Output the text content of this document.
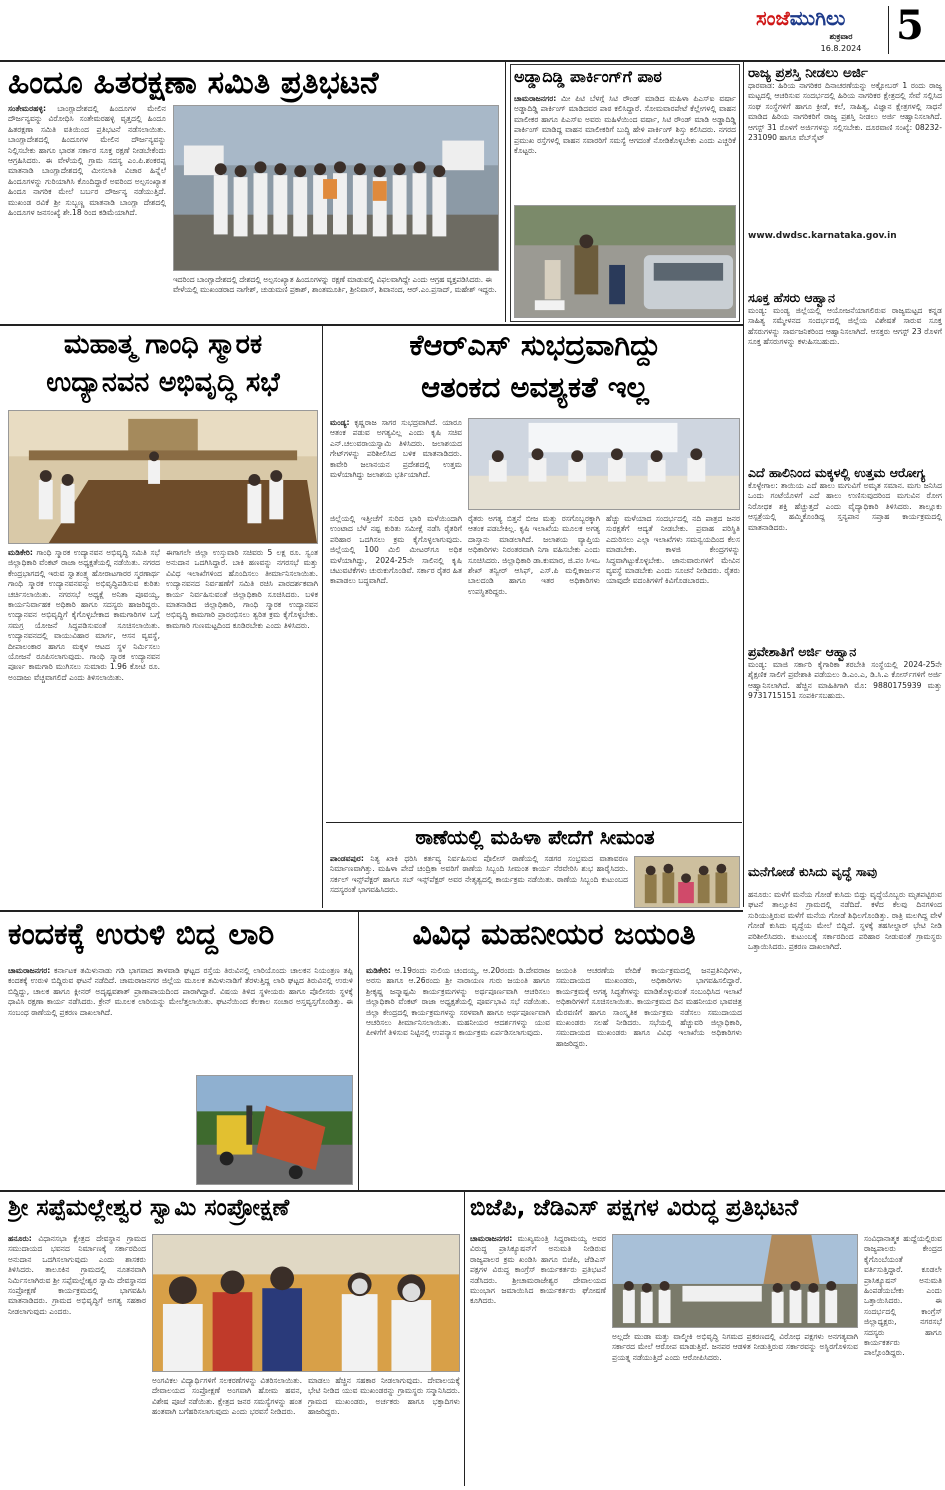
ಸಂಜೆಮುಗಿಲು
ಶುಕ್ರವಾರ
16.8.2024 5
ಹಿಂದೂ ಹಿತರಕ್ಷಣಾ ಸಮಿತಿ ಪ್ರತಿಭಟನೆ
ಸಂತೇಮರಹಳ್ಳಿ: ಬಾಂಗ್ಲಾದೇಶದಲ್ಲಿ ಹಿಂದೂಗಳ ಮೇಲಿನ ದೌರ್ಜನ್ಯವನ್ನು ವಿರೋಧಿಸಿ ಸಂತೇಮರಹಳ್ಳಿ ವೃತ್ತದಲ್ಲಿ ಹಿಂದೂ ಹಿತರಕ್ಷಣಾ ಸಮಿತಿ ವತಿಯಿಂದ ಪ್ರತಿಭಟನೆ ನಡೆಸಲಾಯಿತು. ಬಾಂಗ್ಲಾದೇಶದಲ್ಲಿ ಹಿಂದೂಗಳ ಮೇಲಿನ ದೌರ್ಜನ್ಯವನ್ನು ನಿಲ್ಲಿಸಬೇಕು ಹಾಗೂ ಭಾರತ ಸರ್ಕಾರ ಸೂಕ್ತ ರಕ್ಷಣೆ ನೀಡಬೇಕೆಂದು ಆಗ್ರಹಿಸಿದರು. ಈ ವೇಳೆಯಲ್ಲಿ ಗ್ರಾಮ ಸದಸ್ಯ ಎಂ.ಪಿ.ಶಂಕರಪ್ಪ ಮಾತನಾಡಿ ಬಾಂಗ್ಲಾದೇಶದಲ್ಲಿ ಮೀಸಲಾತಿ ವಿಚಾರ ಹಿನ್ನೆಲೆ ಹಿಂದೂಗಳನ್ನು ಗುರಿಯಾಗಿಸಿ ಕೊಂದಿದ್ದಾರೆ ಅವರಿಂದ ಅಲ್ಪಸಂಖ್ಯಾತ ಹಿಂದೂ ನಾಗರಿಕ ಮೇಲೆ ಬರ್ಬರ ದೌರ್ಜನ್ಯ ನಡೆಯುತ್ತಿದೆ. ಮುಖಂಡ ರವಿಕೆ ಶ್ರೀ ಸುಬ್ಬಣ್ಣ ಮಾತನಾಡಿ ಬಾಂಗ್ಲಾ ದೇಶದಲ್ಲಿ ಹಿಂದೂಗಳ ಜನಸಂಖ್ಯೆ ಶೇ.18 ರಿಂದ ಕಡಿಮೆಯಾಗಿದೆ.
ಇದರಿಂದ ಬಾಂಗ್ಲಾದೇಶದಲ್ಲಿ ದೇಶದಲ್ಲಿ ಅಲ್ಪಸಂಖ್ಯಾತ ಹಿಂದೂಗಳನ್ನು ರಕ್ಷಣೆ ಮಾಡುವಲ್ಲಿ ವಿಫಲವಾಗಿದ್ದೇ ಎಂದು ಆಗ್ರಹ ವ್ಯಕ್ತಪಡಿಸಿದರು. ಈ ವೇಳೆಯಲ್ಲಿ ಮುಖಂಡರಾದ ನಾಗೇಶ್, ಚುಡುಮಣಿ ಪ್ರಕಾಶ್, ಶಾಂತಮೂರ್ತಿ, ಶ್ರೀನಿವಾಸ್, ಶಿವಾನಂದ, ಆರ್.ಎಂ.ಪ್ರಸಾದ್, ಮಹೇಶ್ ಇದ್ದರು.
ಅಡ್ಡಾದಿಡ್ಡಿ ಪಾರ್ಕಿಂಗ್‌ಗೆ ಪಾಠ
ಚಾಮರಾಜನಗರ: ಮೀ ಪಿಟಿ ಬೆಳಗ್ಗೆ ಸಿಟಿ ರೌಂಡ್ ಮಾಡಿದ ಮಹಿಳಾ ಪಿಎಸ್‌ಐ ವರ್ಷಾ ಅಡ್ಡಾದಿಡ್ಡಿ ಪಾರ್ಕಿಂಗ್ ಮಾಡಿದವರ ಪಾಠ ಕಲಿಸಿದ್ದಾರೆ. ಸೋಮವಾರಪೇಟೆ ಕೆಲ್ಲೇಗಳಲ್ಲಿ ವಾಹನ ಮಾಲೀಕರ ಹಾಗೂ ಪಿಎಸ್‌ಐ ಅವರು ಮಹಿಳೆಯಿಂದ ವರ್ಷಾ, ಸಿಟಿ ರೌಂಡ್ ಮಾಡಿ ಅಡ್ಡಾದಿಡ್ಡಿ ಪಾರ್ಕಿಂಗ್ ಮಾಡಿದ್ದ ವಾಹನ ಮಾಲೀಕರಿಗೆ ಬುದ್ಧಿ ಹೇಳಿ ಪಾರ್ಕಿಂಗ್ ಶಿಸ್ತು ಕಲಿಸಿದರು. ನಗರದ ಪ್ರಮುಖ ರಸ್ತೆಗಳಲ್ಲಿ ವಾಹನ ಸವಾರರಿಗೆ ಸಮಸ್ಯೆ ಆಗದಂತೆ ನೋಡಿಕೊಳ್ಳಬೇಕು ಎಂದು ಎಚ್ಚರಿಕೆ ಕೊಟ್ಟರು.
ರಾಜ್ಯ ಪ್ರಶಸ್ತಿ ನೀಡಲು ಅರ್ಜಿ
ಧಾರವಾಡ: ಹಿರಿಯ ನಾಗರಿಕರ ದಿನಾಚರಣೆಯನ್ನು ಅಕ್ಟೋಬರ್ 1 ರಂದು ರಾಜ್ಯ ಮಟ್ಟದಲ್ಲಿ ಆಚರಿಸುವ ಸಂದರ್ಭದಲ್ಲಿ ಹಿರಿಯ ನಾಗರಿಕರ ಕ್ಷೇತ್ರದಲ್ಲಿ ಸೇವೆ ಸಲ್ಲಿಸಿದ ಸಂಘ ಸಂಸ್ಥೆಗಳಿಗೆ ಹಾಗೂ ಕ್ರೀಡೆ, ಕಲೆ, ಸಾಹಿತ್ಯ, ವಿಜ್ಞಾನ ಕ್ಷೇತ್ರಗಳಲ್ಲಿ ಸಾಧನೆ ಮಾಡಿದ ಹಿರಿಯ ನಾಗರಿಕರಿಗೆ ರಾಜ್ಯ ಪ್ರಶಸ್ತಿ ನೀಡಲು ಅರ್ಜಿ ಆಹ್ವಾನಿಸಲಾಗಿದೆ. ಆಗಸ್ಟ್ 31 ರೊಳಗೆ ಅರ್ಜಿಗಳನ್ನು ಸಲ್ಲಿಸಬೇಕು. ದೂರವಾಣಿ ಸಂಖ್ಯೆ: 08232-231090 ಹಾಗೂ ವೆಬ್‌ಸೈಟ್
www.dwdsc.karnataka.gov.in
ಸೂಕ್ತ ಹೆಸರು ಆಹ್ವಾನ
ಮಂಡ್ಯ: ಮಂಡ್ಯ ಜಿಲ್ಲೆಯಲ್ಲಿ ಆಯೋಜನೆಯಾಗಲಿರುವ ರಾಜ್ಯಮಟ್ಟದ ಕನ್ನಡ ಸಾಹಿತ್ಯ ಸಮ್ಮೇಳನದ ಸಂದರ್ಭದಲ್ಲಿ ಜಿಲ್ಲೆಯ ವಿಶೇಷತೆ ಸಾರುವ ಸೂಕ್ತ ಹೆಸರುಗಳನ್ನು ಸಾರ್ವಜನಿಕರಿಂದ ಆಹ್ವಾನಿಸಲಾಗಿದೆ. ಆಸಕ್ತರು ಆಗಸ್ಟ್ 23 ರೊಳಗೆ ಸೂಕ್ತ ಹೆಸರುಗಳನ್ನು ಕಳುಹಿಸಬಹುದು.
ಎದೆ ಹಾಲಿನಿಂದ ಮಕ್ಕಳಲ್ಲಿ ಉತ್ತಮ ಆರೋಗ್ಯ
ಕೊಳ್ಳೇಗಾಲ: ತಾಯಿಯ ಎದೆ ಹಾಲು ಮಗುವಿಗೆ ಅಮೃತ ಸಮಾನ. ಮಗು ಜನಿಸಿದ ಒಂದು ಗಂಟೆಯೊಳಗೆ ಎದೆ ಹಾಲು ಉಣಿಸುವುದರಿಂದ ಮಗುವಿನ ರೋಗ ನಿರೋಧಕ ಶಕ್ತಿ ಹೆಚ್ಚುತ್ತದೆ ಎಂದು ವೈದ್ಯಾಧಿಕಾರಿ ತಿಳಿಸಿದರು. ತಾಲ್ಲೂಕು ಆಸ್ಪತ್ರೆಯಲ್ಲಿ ಹಮ್ಮಿಕೊಂಡಿದ್ದ ಸ್ತನ್ಯಪಾನ ಸಪ್ತಾಹ ಕಾರ್ಯಕ್ರಮದಲ್ಲಿ ಮಾತನಾಡಿದರು.
ಪ್ರವೇಶಾತಿಗೆ ಅರ್ಜಿ ಆಹ್ವಾನ
ಮಂಡ್ಯ: ಮಾಜಿ ಸರ್ಕಾರಿ ಕೈಗಾರಿಕಾ ತರಬೇತಿ ಸಂಸ್ಥೆಯಲ್ಲಿ 2024-25ನೇ ಶೈಕ್ಷಣಿಕ ಸಾಲಿಗೆ ಪ್ರವೇಶಾತಿ ಪಡೆಯಲು ಡಿ.ಎಂ.ಎ, ಡಿ.ಸಿ.ಎ ಕೋರ್ಸ್‌ಗಳಿಗೆ ಅರ್ಜಿ ಆಹ್ವಾನಿಸಲಾಗಿದೆ. ಹೆಚ್ಚಿನ ಮಾಹಿತಿಗಾಗಿ ಮೊ: 9880175939 ಮತ್ತು 9731715151 ಸಂಪರ್ಕಿಸಬಹುದು.
ಮಹಾತ್ಮ ಗಾಂಧಿ ಸ್ಮಾರಕ
ಉದ್ಯಾನವನ ಅಭಿವೃದ್ಧಿ ಸಭೆ
ಮಡಿಕೇರಿ: ಗಾಂಧಿ ಸ್ಮಾರಕ ಉದ್ಯಾನವನ ಅಭಿವೃದ್ಧಿ ಸಮಿತಿ ಸಭೆ ಜಿಲ್ಲಾಧಿಕಾರಿ ವೆಂಕಟ್ ರಾಜಾ ಅಧ್ಯಕ್ಷತೆಯಲ್ಲಿ ನಡೆಯಿತು. ನಗರದ ಕೇಂದ್ರಭಾಗದಲ್ಲಿ ಇರುವ ಸ್ವಾತಂತ್ರ್ಯ ಹೋರಾಟಗಾರರ ಸ್ಮರಣಾರ್ಥ ಗಾಂಧಿ ಸ್ಮಾರಕ ಉದ್ಯಾನವನವನ್ನು ಅಭಿವೃದ್ಧಿಪಡಿಸುವ ಕುರಿತು ಚರ್ಚಿಸಲಾಯಿತು. ನಗರಸಭೆ ಅಧ್ಯಕ್ಷೆ ಅನಿತಾ ಪೂವಯ್ಯ, ಕಾರ್ಯನಿರ್ವಾಹಕ ಅಧಿಕಾರಿ ಹಾಗೂ ಸದಸ್ಯರು ಹಾಜರಿದ್ದರು. ಉದ್ಯಾನವನ ಅಭಿವೃದ್ಧಿಗೆ ಕೈಗೊಳ್ಳಬೇಕಾದ ಕಾಮಗಾರಿಗಳ ಬಗ್ಗೆ ಸಮಗ್ರ ಯೋಜನೆ ಸಿದ್ಧಪಡಿಸುವಂತೆ ಸೂಚಿಸಲಾಯಿತು. ಉದ್ಯಾನವನದಲ್ಲಿ ವಾಯುವಿಹಾರ ಮಾರ್ಗ, ಆಸನ ವ್ಯವಸ್ಥೆ, ದೀಪಾಲಂಕಾರ ಹಾಗೂ ಮಕ್ಕಳ ಆಟದ ಸ್ಥಳ ನಿರ್ಮಿಸಲು ಯೋಜನೆ ರೂಪಿಸಲಾಗುವುದು. ಗಾಂಧಿ ಸ್ಮಾರಕ ಉದ್ಯಾನವನ ಪೂರ್ಣ ಕಾಮಗಾರಿ ಮುಗಿಸಲು ಸುಮಾರು 1.96 ಕೋಟಿ ರೂ. ಅಂದಾಜು ವೆಚ್ಚವಾಗಲಿದೆ ಎಂದು ತಿಳಿಸಲಾಯಿತು.
ಈಗಾಗಲೇ ಜಿಲ್ಲಾ ಉಸ್ತುವಾರಿ ಸಚಿವರು 5 ಲಕ್ಷ ರೂ. ಸ್ವಂತ ಅನುದಾನ ಒದಗಿಸಿದ್ದಾರೆ. ಬಾಕಿ ಹಣವನ್ನು ನಗರಸಭೆ ಮತ್ತು ವಿವಿಧ ಇಲಾಖೆಗಳಿಂದ ಹೊಂದಿಸಲು ತೀರ್ಮಾನಿಸಲಾಯಿತು. ಉದ್ಯಾನವನದ ನಿರ್ವಹಣೆಗೆ ಸಮಿತಿ ರಚಿಸಿ ಪಾರದರ್ಶಕವಾಗಿ ಕಾರ್ಯ ನಿರ್ವಹಿಸುವಂತೆ ಜಿಲ್ಲಾಧಿಕಾರಿ ಸೂಚಿಸಿದರು. ಬಳಿಕ ಮಾತನಾಡಿದ ಜಿಲ್ಲಾಧಿಕಾರಿ, ಗಾಂಧಿ ಸ್ಮಾರಕ ಉದ್ಯಾನವನ ಅಭಿವೃದ್ಧಿ ಕಾಮಗಾರಿ ಪ್ರಾರಂಭಿಸಲು ತ್ವರಿತ ಕ್ರಮ ಕೈಗೊಳ್ಳಬೇಕು. ಕಾಮಗಾರಿ ಗುಣಮಟ್ಟದಿಂದ ಕೂಡಿರಬೇಕು ಎಂದು ತಿಳಿಸಿದರು.
ಕೆಆರ್‌ಎಸ್ ಸುಭದ್ರವಾಗಿದ್ದು
ಆತಂಕದ ಅವಶ್ಯಕತೆ ಇಲ್ಲ
ಮಂಡ್ಯ: ಕೃಷ್ಣರಾಜ ಸಾಗರ ಸುಭದ್ರವಾಗಿದೆ. ಯಾರೂ ಆತಂಕ ಪಡುವ ಅಗತ್ಯವಿಲ್ಲ ಎಂದು ಕೃಷಿ ಸಚಿವ ಎನ್.ಚಲುವರಾಯಸ್ವಾಮಿ ತಿಳಿಸಿದರು. ಜಲಾಶಯದ ಗೇಟ್‌ಗಳನ್ನು ಪರಿಶೀಲಿಸಿದ ಬಳಿಕ ಮಾತನಾಡಿದರು. ಕಾವೇರಿ ಜಲಾನಯನ ಪ್ರದೇಶದಲ್ಲಿ ಉತ್ತಮ ಮಳೆಯಾಗಿದ್ದು ಜಲಾಶಯ ಭರ್ತಿಯಾಗಿದೆ.
ಜಿಲ್ಲೆಯಲ್ಲಿ ಇತ್ತೀಚೆಗೆ ಸುರಿದ ಭಾರಿ ಮಳೆಯಿಂದಾಗಿ ಉಂಟಾದ ಬೆಳೆ ನಷ್ಟ ಕುರಿತು ಸಮೀಕ್ಷೆ ನಡೆಸಿ ರೈತರಿಗೆ ಪರಿಹಾರ ಒದಗಿಸಲು ಕ್ರಮ ಕೈಗೊಳ್ಳಲಾಗುವುದು. ಜಿಲ್ಲೆಯಲ್ಲಿ 100 ಮಿಲಿ ಮೀಟರ್‌ಗೂ ಅಧಿಕ ಮಳೆಯಾಗಿದ್ದು, 2024-25ನೇ ಸಾಲಿನಲ್ಲಿ ಕೃಷಿ ಚಟುವಟಿಕೆಗಳು ಚುರುಕುಗೊಂಡಿವೆ. ಸರ್ಕಾರ ರೈತರ ಹಿತ ಕಾಪಾಡಲು ಬದ್ಧವಾಗಿದೆ.
ರೈತರು ಅಗತ್ಯ ಬಿತ್ತನೆ ಬೀಜ ಮತ್ತು ರಸಗೊಬ್ಬರಕ್ಕಾಗಿ ಆತಂಕ ಪಡಬೇಕಿಲ್ಲ. ಕೃಷಿ ಇಲಾಖೆಯ ಮೂಲಕ ಅಗತ್ಯ ದಾಸ್ತಾನು ಮಾಡಲಾಗಿದೆ. ಜಲಾಶಯ ವ್ಯಾಪ್ತಿಯ ಅಧಿಕಾರಿಗಳು ನಿರಂತರವಾಗಿ ನಿಗಾ ವಹಿಸಬೇಕು ಎಂದು ಸೂಚಿಸಿದರು. ಜಿಲ್ಲಾಧಿಕಾರಿ ಡಾ.ಕುಮಾರ, ಜಿ.ಪಂ ಸಿಇಒ ಶೇಖ್ ತನ್ವೀರ್ ಆಸಿಫ್, ಎಸ್.ಪಿ ಮಲ್ಲಿಕಾರ್ಜುನ ಬಾಲದಂಡಿ ಹಾಗೂ ಇತರ ಅಧಿಕಾರಿಗಳು ಉಪಸ್ಥಿತರಿದ್ದರು.
ಹೆಚ್ಚು ಮಳೆಯಾದ ಸಂದರ್ಭದಲ್ಲಿ ನದಿ ಪಾತ್ರದ ಜನರ ಸುರಕ್ಷತೆಗೆ ಆದ್ಯತೆ ನೀಡಬೇಕು. ಪ್ರವಾಹ ಪರಿಸ್ಥಿತಿ ಎದುರಿಸಲು ಎಲ್ಲಾ ಇಲಾಖೆಗಳು ಸಮನ್ವಯದಿಂದ ಕೆಲಸ ಮಾಡಬೇಕು. ಕಾಳಜಿ ಕೇಂದ್ರಗಳನ್ನು ಸಿದ್ಧವಾಗಿಟ್ಟುಕೊಳ್ಳಬೇಕು. ಜಾನುವಾರುಗಳಿಗೆ ಮೇವಿನ ವ್ಯವಸ್ಥೆ ಮಾಡಬೇಕು ಎಂದು ಸೂಚನೆ ನೀಡಿದರು. ರೈತರು ಯಾವುದೇ ವದಂತಿಗಳಿಗೆ ಕಿವಿಗೊಡಬಾರದು.
ಠಾಣೆಯಲ್ಲಿ ಮಹಿಳಾ ಪೇದೆಗೆ ಸೀಮಂತ
ಪಾಂಡವಪುರ: ನಿತ್ಯ ಖಾಕಿ ಧರಿಸಿ ಕರ್ತವ್ಯ ನಿರ್ವಹಿಸುವ ಪೊಲೀಸ್ ಠಾಣೆಯಲ್ಲಿ ಸಡಗರ ಸಂಭ್ರಮದ ವಾತಾವರಣ ನಿರ್ಮಾಣವಾಗಿತ್ತು. ಮಹಿಳಾ ಪೇದೆ ಚಂದ್ರಿಕಾ ಅವರಿಗೆ ಠಾಣೆಯ ಸಿಬ್ಬಂದಿ ಸೀಮಂತ ಕಾರ್ಯ ನೆರವೇರಿಸಿ ಶುಭ ಹಾರೈಸಿದರು. ಸರ್ಕಲ್ ಇನ್ಸ್‌ಪೆಕ್ಟರ್ ಹಾಗೂ ಸಬ್ ಇನ್ಸ್‌ಪೆಕ್ಟರ್ ಅವರ ನೇತೃತ್ವದಲ್ಲಿ ಕಾರ್ಯಕ್ರಮ ನಡೆಯಿತು. ಠಾಣೆಯ ಸಿಬ್ಬಂದಿ ಕುಟುಂಬದ ಸದಸ್ಯರಂತೆ ಭಾಗವಹಿಸಿದರು.
ಮನೆಗೋಡೆ ಕುಸಿದು ವೃದ್ಧೆ ಸಾವು
ಕಂದಕಕ್ಕೆ ಉರುಳಿ ಬಿದ್ದ ಲಾರಿ
ಚಾಮರಾಜನಗರ: ಕರ್ನಾಟಕ ತಮಿಳುನಾಡು ಗಡಿ ಭಾಗವಾದ ತಾಳವಾಡಿ ಘಟ್ಟದ ರಸ್ತೆಯ ತಿರುವಿನಲ್ಲಿ ಲಾರಿಯೊಂದು ಚಾಲಕನ ನಿಯಂತ್ರಣ ತಪ್ಪಿ ಕಂದಕಕ್ಕೆ ಉರುಳಿ ಬಿದ್ದಿರುವ ಘಟನೆ ನಡೆದಿದೆ. ಚಾಮರಾಜನಗರ ಜಿಲ್ಲೆಯ ಮೂಲಕ ತಮಿಳುನಾಡಿಗೆ ತೆರಳುತ್ತಿದ್ದ ಲಾರಿ ಘಟ್ಟದ ತಿರುವಿನಲ್ಲಿ ಉರುಳಿ ಬಿದ್ದಿದ್ದು, ಚಾಲಕ ಹಾಗೂ ಕ್ಲೀನರ್ ಅದೃಷ್ಟವಶಾತ್ ಪ್ರಾಣಾಪಾಯದಿಂದ ಪಾರಾಗಿದ್ದಾರೆ. ವಿಷಯ ತಿಳಿದ ಸ್ಥಳೀಯರು ಹಾಗೂ ಪೊಲೀಸರು ಸ್ಥಳಕ್ಕೆ ಧಾವಿಸಿ ರಕ್ಷಣಾ ಕಾರ್ಯ ನಡೆಸಿದರು. ಕ್ರೇನ್ ಮೂಲಕ ಲಾರಿಯನ್ನು ಮೇಲೆತ್ತಲಾಯಿತು. ಘಟನೆಯಿಂದ ಕೆಲಕಾಲ ಸಂಚಾರ ಅಸ್ತವ್ಯಸ್ತಗೊಂಡಿತ್ತು. ಈ ಸಂಬಂಧ ಠಾಣೆಯಲ್ಲಿ ಪ್ರಕರಣ ದಾಖಲಾಗಿದೆ.
ವಿವಿಧ ಮಹನೀಯರ ಜಯಂತಿ
ಮಡಿಕೇರಿ: ಆ.19ರಂದು ನುಲಿಯ ಚಂದಯ್ಯ, ಆ.20ರಂದು ಡಿ.ದೇವರಾಜ ಅರಸು ಹಾಗೂ ಆ.26ರಂದು ಶ್ರೀ ನಾರಾಯಣ ಗುರು ಜಯಂತಿ ಹಾಗೂ ಶ್ರೀಕೃಷ್ಣ ಜನ್ಮಾಷ್ಟಮಿ ಕಾರ್ಯಕ್ರಮಗಳನ್ನು ಅರ್ಥಪೂರ್ಣವಾಗಿ ಆಚರಿಸಲು ಜಿಲ್ಲಾಧಿಕಾರಿ ವೆಂಕಟ್ ರಾಜಾ ಅಧ್ಯಕ್ಷತೆಯಲ್ಲಿ ಪೂರ್ವಭಾವಿ ಸಭೆ ನಡೆಯಿತು. ಜಿಲ್ಲಾ ಕೇಂದ್ರದಲ್ಲಿ ಕಾರ್ಯಕ್ರಮಗಳನ್ನು ಸರಳವಾಗಿ ಹಾಗೂ ಅರ್ಥಪೂರ್ಣವಾಗಿ ಆಚರಿಸಲು ತೀರ್ಮಾನಿಸಲಾಯಿತು. ಮಹನೀಯರ ಆದರ್ಶಗಳನ್ನು ಯುವ ಪೀಳಿಗೆಗೆ ತಿಳಿಸುವ ನಿಟ್ಟಿನಲ್ಲಿ ಉಪನ್ಯಾಸ ಕಾರ್ಯಕ್ರಮ ಏರ್ಪಡಿಸಲಾಗುವುದು.
ಜಯಂತಿ ಆಚರಣೆಯ ವೇದಿಕೆ ಕಾರ್ಯಕ್ರಮದಲ್ಲಿ ಜನಪ್ರತಿನಿಧಿಗಳು, ಸಮುದಾಯದ ಮುಖಂಡರು, ಅಧಿಕಾರಿಗಳು ಭಾಗವಹಿಸಲಿದ್ದಾರೆ. ಕಾರ್ಯಕ್ರಮಕ್ಕೆ ಅಗತ್ಯ ಸಿದ್ಧತೆಗಳನ್ನು ಮಾಡಿಕೊಳ್ಳುವಂತೆ ಸಂಬಂಧಿಸಿದ ಇಲಾಖೆ ಅಧಿಕಾರಿಗಳಿಗೆ ಸೂಚಿಸಲಾಯಿತು. ಕಾರ್ಯಕ್ರಮದ ದಿನ ಮಹನೀಯರ ಭಾವಚಿತ್ರ ಮೆರವಣಿಗೆ ಹಾಗೂ ಸಾಂಸ್ಕೃತಿಕ ಕಾರ್ಯಕ್ರಮ ನಡೆಸಲು ಸಮುದಾಯದ ಮುಖಂಡರು ಸಲಹೆ ನೀಡಿದರು. ಸಭೆಯಲ್ಲಿ ಹೆಚ್ಚುವರಿ ಜಿಲ್ಲಾಧಿಕಾರಿ, ಸಮುದಾಯದ ಮುಖಂಡರು ಹಾಗೂ ವಿವಿಧ ಇಲಾಖೆಯ ಅಧಿಕಾರಿಗಳು ಹಾಜರಿದ್ದರು.
ಹನೂರು: ಮಳೆಗೆ ಮನೆಯ ಗೋಡೆ ಕುಸಿದು ಬಿದ್ದು ವೃದ್ಧೆಯೊಬ್ಬರು ಮೃತಪಟ್ಟಿರುವ ಘಟನೆ ತಾಲ್ಲೂಕಿನ ಗ್ರಾಮದಲ್ಲಿ ನಡೆದಿದೆ. ಕಳೆದ ಕೆಲವು ದಿನಗಳಿಂದ ಸುರಿಯುತ್ತಿರುವ ಮಳೆಗೆ ಮನೆಯ ಗೋಡೆ ಶಿಥಿಲಗೊಂಡಿತ್ತು. ರಾತ್ರಿ ಮಲಗಿದ್ದ ವೇಳೆ ಗೋಡೆ ಕುಸಿದು ವೃದ್ಧೆಯ ಮೇಲೆ ಬಿದ್ದಿದೆ. ಸ್ಥಳಕ್ಕೆ ತಹಸೀಲ್ದಾರ್ ಭೇಟಿ ನೀಡಿ ಪರಿಶೀಲಿಸಿದರು. ಕುಟುಂಬಕ್ಕೆ ಸರ್ಕಾರದಿಂದ ಪರಿಹಾರ ನೀಡುವಂತೆ ಗ್ರಾಮಸ್ಥರು ಒತ್ತಾಯಿಸಿದರು. ಪ್ರಕರಣ ದಾಖಲಾಗಿದೆ.
ಶ್ರೀ ಸಪ್ಪೆಮಲ್ಲೇಶ್ವರ ಸ್ವಾಮಿ ಸಂಪ್ರೋಕ್ಷಣೆ
ಹನೂರು: ವಿಧಾನಸಭಾ ಕ್ಷೇತ್ರದ ದೇವಸ್ಥಾನ ಗ್ರಾಮದ ಸಮುದಾಯದ ಭವನದ ನಿರ್ಮಾಣಕ್ಕೆ ಸರ್ಕಾರದಿಂದ ಅನುದಾನ ಒದಗಿಸಲಾಗುವುದು ಎಂದು ಶಾಸಕರು ತಿಳಿಸಿದರು. ತಾಲೂಕಿನ ಗ್ರಾಮದಲ್ಲಿ ನೂತನವಾಗಿ ನಿರ್ಮಿಸಲಾಗಿರುವ ಶ್ರೀ ಸಪ್ಪೆಮಲ್ಲೇಶ್ವರ ಸ್ವಾಮಿ ದೇವಸ್ಥಾನದ ಸಂಪ್ರೋಕ್ಷಣೆ ಕಾರ್ಯಕ್ರಮದಲ್ಲಿ ಭಾಗವಹಿಸಿ ಮಾತನಾಡಿದರು. ಗ್ರಾಮದ ಅಭಿವೃದ್ಧಿಗೆ ಅಗತ್ಯ ಸಹಕಾರ ನೀಡಲಾಗುವುದು ಎಂದರು.
ಅಂಗವಿಕಲ ವಿದ್ಯಾರ್ಥಿಗಳಿಗೆ ಸಲಕರಣೆಗಳನ್ನು ವಿತರಿಸಲಾಯಿತು. ದೇವಾಲಯದ ಸಂಪ್ರೋಕ್ಷಣೆ ಅಂಗವಾಗಿ ಹೋಮ ಹವನ, ವಿಶೇಷ ಪೂಜೆ ನಡೆಯಿತು. ಕ್ಷೇತ್ರದ ಜನರ ಸಮಸ್ಯೆಗಳನ್ನು ಹಂತ ಹಂತವಾಗಿ ಬಗೆಹರಿಸಲಾಗುವುದು ಎಂದು ಭರವಸೆ ನೀಡಿದರು.
ಮಾಡಲು ಹೆಚ್ಚಿನ ಸಹಕಾರ ನೀಡಲಾಗುವುದು. ದೇವಾಲಯಕ್ಕೆ ಭೇಟಿ ನೀಡಿದ ಯುವ ಮುಖಂಡರನ್ನು ಗ್ರಾಮಸ್ಥರು ಸನ್ಮಾನಿಸಿದರು. ಗ್ರಾಮದ ಮುಖಂಡರು, ಅರ್ಚಕರು ಹಾಗೂ ಭಕ್ತಾದಿಗಳು ಹಾಜರಿದ್ದರು.
ಬಿಜೆಪಿ, ಜೆಡಿಎಸ್ ಪಕ್ಷಗಳ ವಿರುದ್ಧ ಪ್ರತಿಭಟನೆ
ಚಾಮರಾಜನಗರ: ಮುಖ್ಯಮಂತ್ರಿ ಸಿದ್ದರಾಮಯ್ಯ ಅವರ ವಿರುದ್ಧ ಪ್ರಾಸಿಕ್ಯೂಷನ್‌ಗೆ ಅನುಮತಿ ನೀಡಿರುವ ರಾಜ್ಯಪಾಲರ ಕ್ರಮ ಖಂಡಿಸಿ ಹಾಗೂ ಬಿಜೆಪಿ, ಜೆಡಿಎಸ್ ಪಕ್ಷಗಳ ವಿರುದ್ಧ ಕಾಂಗ್ರೆಸ್ ಕಾರ್ಯಕರ್ತರು ಪ್ರತಿಭಟನೆ ನಡೆಸಿದರು. ಶ್ರೀಚಾಮರಾಜೇಶ್ವರ ದೇವಾಲಯದ ಮುಂಭಾಗ ಜಮಾಯಿಸಿದ ಕಾರ್ಯಕರ್ತರು ಘೋಷಣೆ ಕೂಗಿದರು.
ಅಲ್ಲದೇ ಮುಡಾ ಮತ್ತು ವಾಲ್ಮೀಕಿ ಅಭಿವೃದ್ಧಿ ನಿಗಮದ ಪ್ರಕರಣದಲ್ಲಿ ವಿರೋಧ ಪಕ್ಷಗಳು ಅನಗತ್ಯವಾಗಿ ಸರ್ಕಾರದ ಮೇಲೆ ಆರೋಪ ಮಾಡುತ್ತಿವೆ. ಜನಪರ ಆಡಳಿತ ನೀಡುತ್ತಿರುವ ಸರ್ಕಾರವನ್ನು ಅಸ್ಥಿರಗೊಳಿಸುವ ಪ್ರಯತ್ನ ನಡೆಯುತ್ತಿದೆ ಎಂದು ಆರೋಪಿಸಿದರು.
ಸಂವಿಧಾನಾತ್ಮಕ ಹುದ್ದೆಯಲ್ಲಿರುವ ರಾಜ್ಯಪಾಲರು ಕೇಂದ್ರದ ಕೈಗೊಂಬೆಯಂತೆ ವರ್ತಿಸುತ್ತಿದ್ದಾರೆ. ಕೂಡಲೇ ಪ್ರಾಸಿಕ್ಯೂಷನ್ ಅನುಮತಿ ಹಿಂಪಡೆಯಬೇಕು ಎಂದು ಒತ್ತಾಯಿಸಿದರು. ಈ ಸಂದರ್ಭದಲ್ಲಿ ಕಾಂಗ್ರೆಸ್ ಜಿಲ್ಲಾಧ್ಯಕ್ಷರು, ನಗರಸಭೆ ಸದಸ್ಯರು ಹಾಗೂ ಕಾರ್ಯಕರ್ತರು ಪಾಲ್ಗೊಂಡಿದ್ದರು.
